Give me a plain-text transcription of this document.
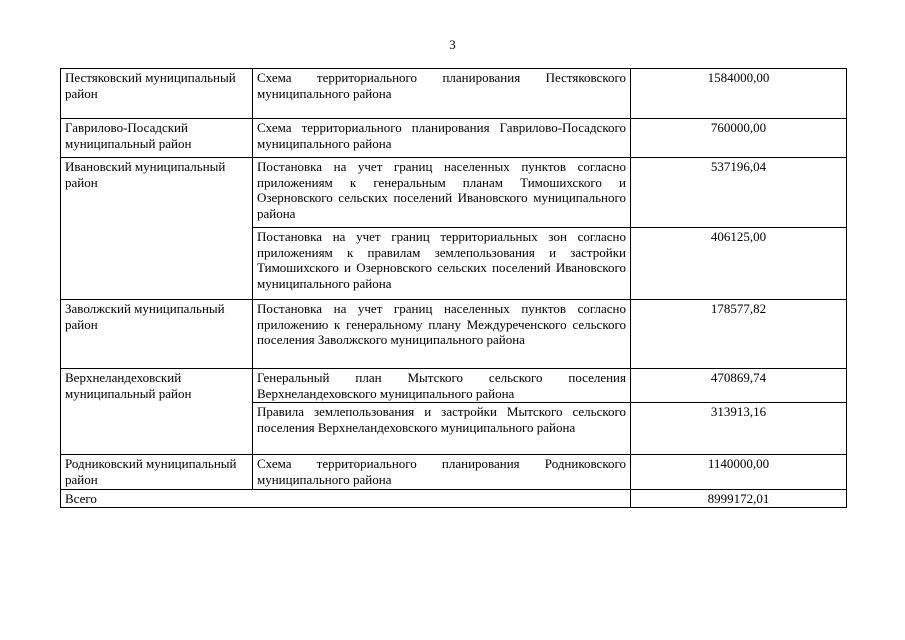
3
Пестяковский муниципальный район	Схема территориального планирования Пестяковского муниципального района	1584000,00
Гаврилово-Посадский муниципальный район	Схема территориального планирования Гаврилово-Посадского муниципального района	760000,00
Ивановский муниципальный район	Постановка на учет границ населенных пунктов согласно приложениям к генеральным планам Тимошихского и Озерновского сельских поселений Ивановского муниципального района	537196,04
	Постановка на учет границ территориальных зон согласно приложениям к правилам землепользования и застройки Тимошихского и Озерновского сельских поселений Ивановского муниципального района	406125,00
Заволжский муниципальный район	Постановка на учет границ населенных пунктов согласно приложению к генеральному плану Междуреченского сельского поселения Заволжского муниципального района	178577,82
Верхнеландеховский муниципальный район	Генеральный план Мытского сельского поселения Верхнеландеховского муниципального района	470869,74
	Правила землепользования и застройки Мытского сельского поселения Верхнеландеховского муниципального района	313913,16
Родниковский муниципальный район	Схема территориального планирования Родниковского муниципального района	1140000,00
Всего		8999172,01
